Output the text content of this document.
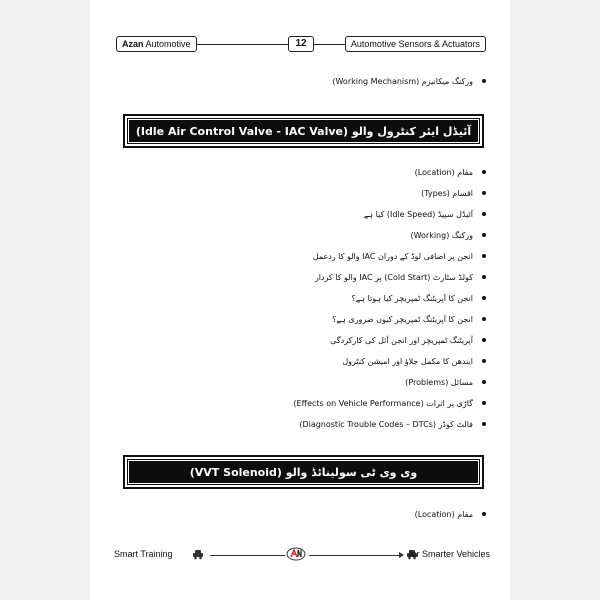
Azan Automotive	12	Automotive Sensors & Actuators
ورکنگ میکانیزم (Working Mechanism)
آئیڈل ایئر کنٹرول والو (Idle Air Control Valve - IAC Valve)
مقام (Location)
اقسام (Types)
آئیڈل سپیڈ (Idle Speed) کیا ہے
ورکنگ (Working)
انجن پر اضافی لوڈ کے دوران IAC والو کا ردعمل
کولڈ سٹارٹ (Cold Start) پر IAC والو کا کردار
انجن کا آپریٹنگ ٹمپریچر کیا ہوتا ہے؟
انجن کا آپریٹنگ ٹمپریچر کیوں ضروری ہے؟
آپریٹنگ ٹمپریچر اور انجن آئل کی کارکردگی
ایندھن کا مکمل جلاؤ اور امیشن کنٹرول
مسائل (Problems)
گاڑی پر اثرات (Effects on Vehicle Performance)
فالٹ کوڈز (Diagnostic Trouble Codes – DTCs)
وی وی ٹی سولینائڈ والو (VVT Solenoid)
مقام (Location)
Smart Training	for Smarter Vehicles
